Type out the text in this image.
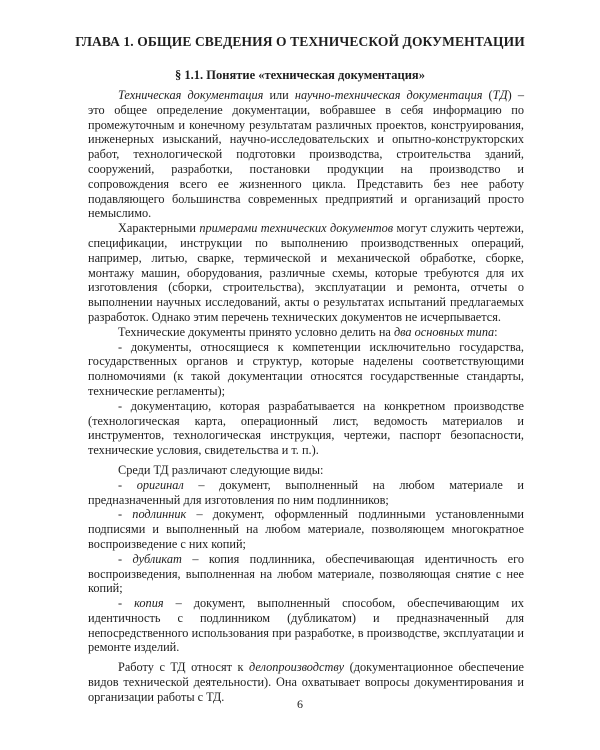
ГЛАВА 1. ОБЩИЕ СВЕДЕНИЯ О ТЕХНИЧЕСКОЙ ДОКУМЕНТАЦИИ
§ 1.1. Понятие «техническая документация»

Техническая документация или научно-техническая документация (ТД) – это общее определение документации, вобравшее в себя информацию по промежуточным и конечному результатам различных проектов, конструирования, инженерных изысканий, научно-исследовательских и опытно-конструкторских работ, технологической подготовки производства, строительства зданий, сооружений, разработки, постановки продукции на производство и сопровождения всего ее жизненного цикла. Представить без нее работу подавляющего большинства современных предприятий и организаций просто немыслимо.

Характерными примерами технических документов могут служить чертежи, спецификации, инструкции по выполнению производственных операций, например, литью, сварке, термической и механической обработке, сборке, монтажу машин, оборудования, различные схемы, которые требуются для их изготовления (сборки, строительства), эксплуатации и ремонта, отчеты о выполнении научных исследований, акты о результатах испытаний предлагаемых разработок. Однако этим перечень технических документов не исчерпывается.

Технические документы принято условно делить на два основных типа:

- документы, относящиеся к компетенции исключительно государства, государственных органов и структур, которые наделены соответствующими полномочиями (к такой документации относятся государственные стандарты, технические регламенты);

- документацию, которая разрабатывается на конкретном производстве (технологическая карта, операционный лист, ведомость материалов и инструментов, технологическая инструкция, чертежи, паспорт безопасности, технические условия, свидетельства и т. п.).

Среди ТД различают следующие виды:

- оригинал – документ, выполненный на любом материале и предназначенный для изготовления по ним подлинников;

- подлинник – документ, оформленный подлинными установленными подписями и выполненный на любом материале, позволяющем многократное воспроизведение с них копий;

- дубликат – копия подлинника, обеспечивающая идентичность его воспроизведения, выполненная на любом материале, позволяющая снятие с нее копий;

- копия – документ, выполненный способом, обеспечивающим их идентичность с подлинником (дубликатом) и предназначенный для непосредственного использования при разработке, в производстве, эксплуатации и ремонте изделий.

Работу с ТД относят к делопроизводству (документационное обеспечение видов технической деятельности). Она охватывает вопросы документирования и организации работы с ТД.

6
